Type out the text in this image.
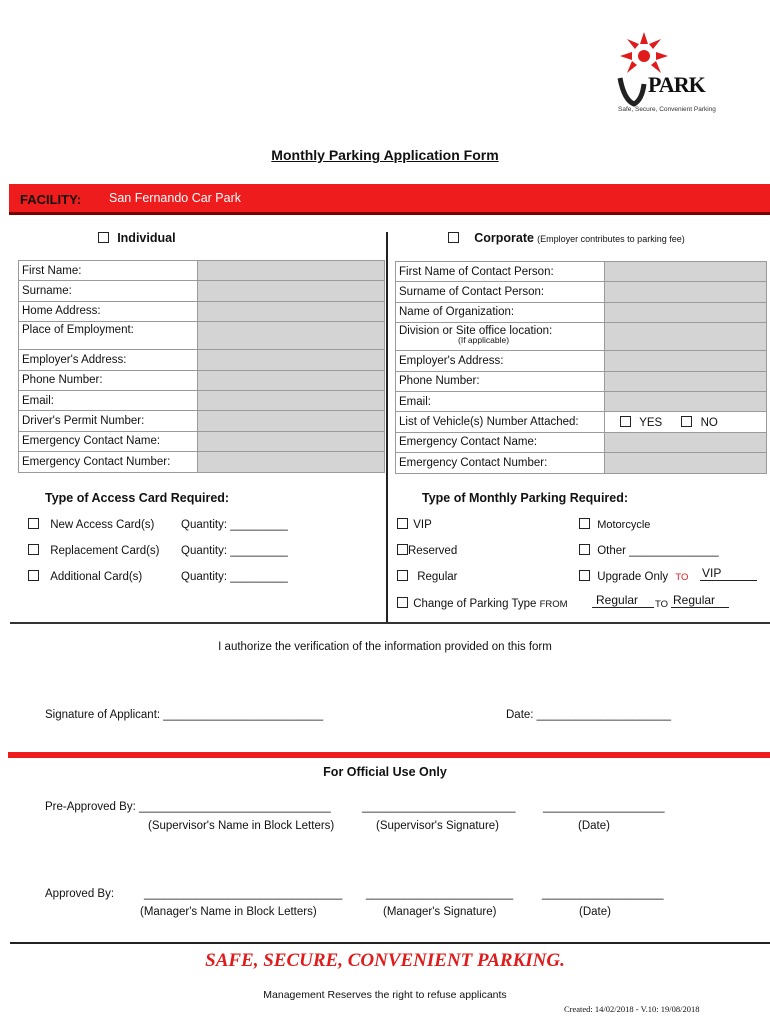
PARK
Safe, Secure, Convenient Parking
Monthly Parking Application Form
FACILITY: San Fernando Car Park
Individual	Corporate (Employer contributes to parking fee)
First Name:	
Surname:	
Home Address:	
Place of Employment:	
Employer's Address:	
Phone Number:	
Email:	
Driver's Permit Number:	
Emergency Contact Name:	
Emergency Contact Number:	
First Name of Contact Person:	
Surname of Contact Person:	
Name of Organization:	
Division or Site office location:
(If applicable)	

Employer's Address:	
Phone Number:	
Email:	
List of Vehicle(s) Number Attached:	YES NO
Emergency Contact Name:	
Emergency Contact Number:	
Type of Access Card Required:
New Access Card(s) Quantity: _________
Replacement Card(s) Quantity: _________
Additional Card(s)	Quantity: _________
Type of Monthly Parking Required:
VIP
Reserved
Regular
Change of Parking Type FROM	Regular	TO Regular
Motorcycle
Other ______________
Upgrade Only TO VIP
I authorize the verification of the information provided on this form
Signature of Applicant: _________________________	Date: _____________________
For Official Use Only
Pre-Approved By: ______________________________	________________________ ___________________
(Supervisor's Name in Block Letters)	(Supervisor's Signature)	(Date)
Approved By:	_______________________________ _______________________	___________________
(Manager's Name in Block Letters)	(Manager's Signature)	(Date)
SAFE, SECURE, CONVENIENT PARKING.
Management Reserves the right to refuse applicants
Created: 14/02/2018 - V.10: 19/08/2018
